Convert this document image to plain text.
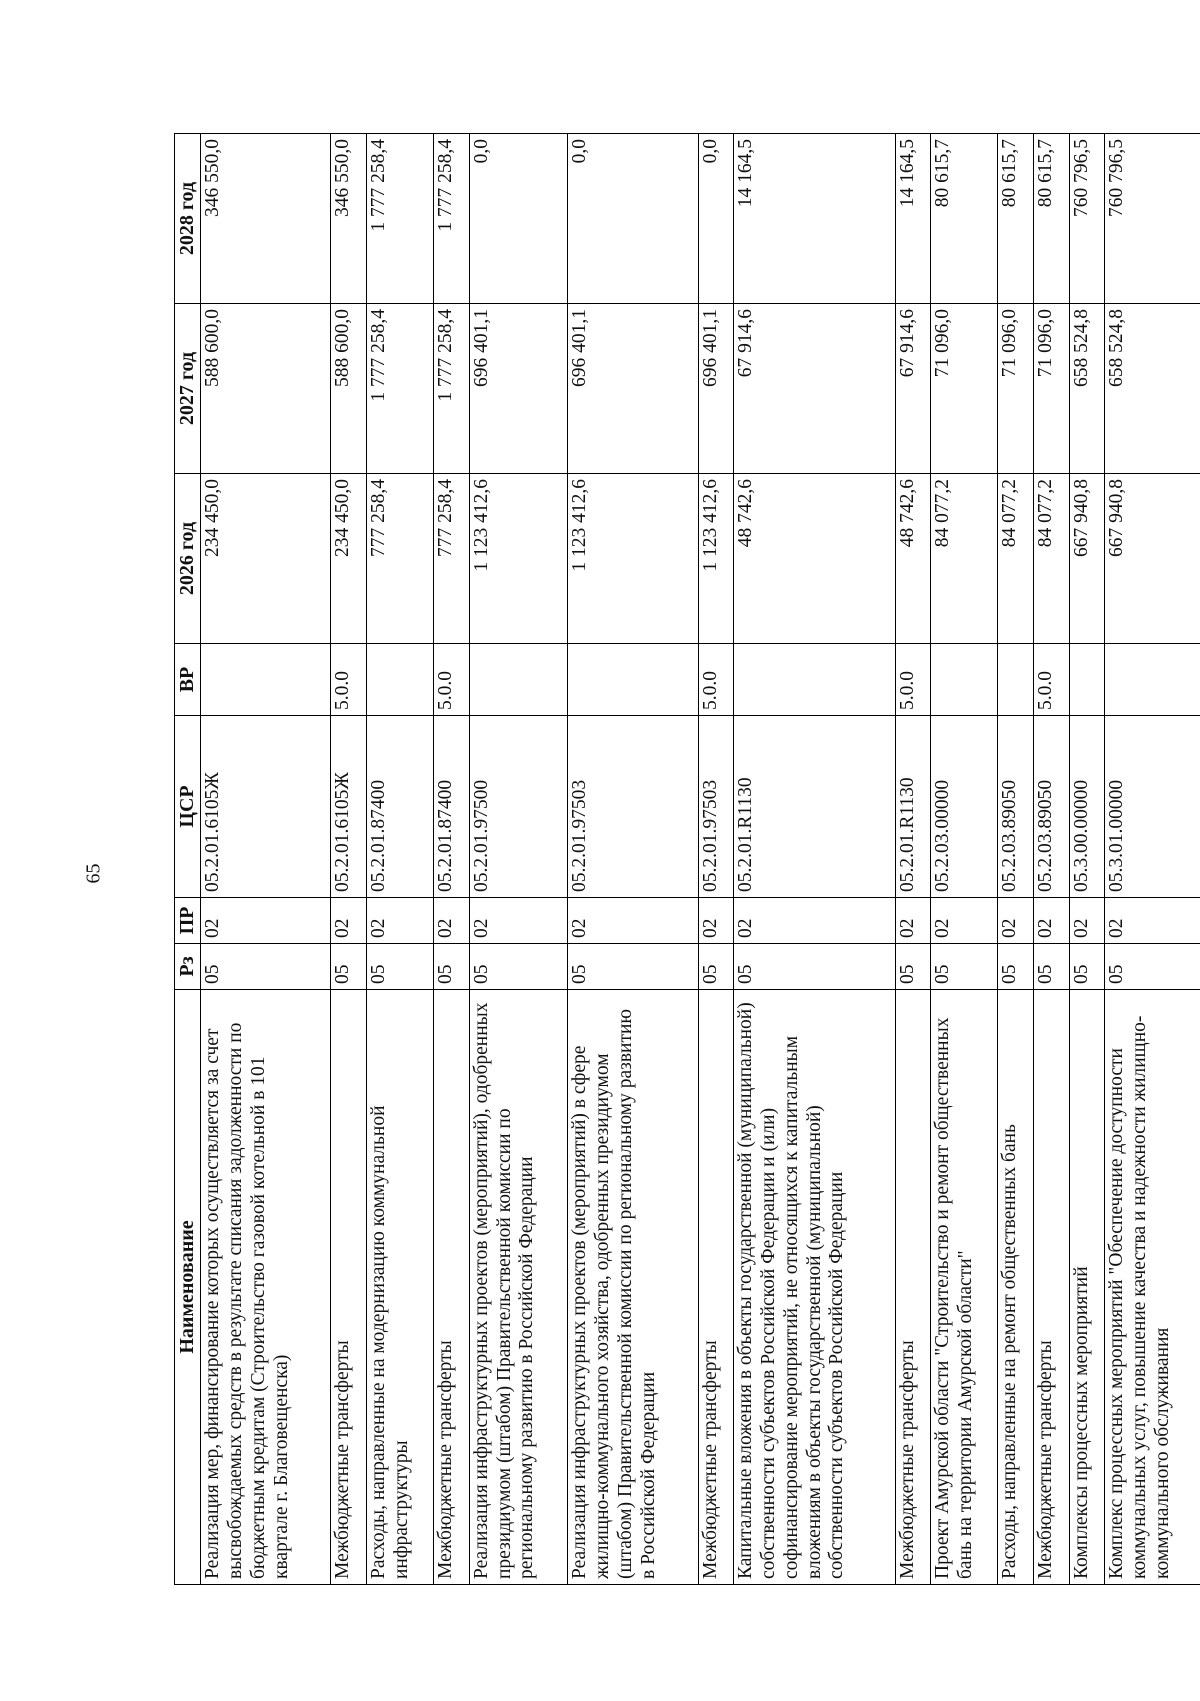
65
Наименование	Рз	ПР	ЦСР	ВР	2026 год	2027 год	2028 год
Реализация мер, финансирование которых осуществляется за счет высвобождаемых средств в результате списания задолженности по бюджетным кредитам (Строительство газовой котельной в 101 квартале г. Благовещенска)	05	02	05.2.01.6105Ж		234 450,0	588 600,0	346 550,0
Межбюджетные трансферты	05	02	05.2.01.6105Ж	5.0.0	234 450,0	588 600,0	346 550,0
Расходы, направленные на модернизацию коммунальной инфраструктуры	05	02	05.2.01.87400		777 258,4	1 777 258,4	1 777 258,4
Межбюджетные трансферты	05	02	05.2.01.87400	5.0.0	777 258,4	1 777 258,4	1 777 258,4
Реализация инфраструктурных проектов (мероприятий), одобренных президиумом (штабом) Правительственной комиссии по региональному развитию в Российской Федерации	05	02	05.2.01.97500		1 123 412,6	696 401,1	0,0
Реализация инфраструктурных проектов (мероприятий) в сфере жилищно-коммунального хозяйства, одобренных президиумом (штабом) Правительственной комиссии по региональному развитию в Российской Федерации	05	02	05.2.01.97503		1 123 412,6	696 401,1	0,0
Межбюджетные трансферты	05	02	05.2.01.97503	5.0.0	1 123 412,6	696 401,1	0,0
Капитальные вложения в объекты государственной (муниципальной) собственности субъектов Российской Федерации и (или) софинансирование мероприятий, не относящихся к капитальным вложениям в объекты государственной (муниципальной) собственности субъектов Российской Федерации	05	02	05.2.01.R1130		48 742,6	67 914,6	14 164,5
Межбюджетные трансферты	05	02	05.2.01.R1130	5.0.0	48 742,6	67 914,6	14 164,5
Проект Амурской области "Строительство и ремонт общественных бань на территории Амурской области"	05	02	05.2.03.00000		84 077,2	71 096,0	80 615,7
Расходы, направленные на ремонт общественных бань	05	02	05.2.03.89050		84 077,2	71 096,0	80 615,7
Межбюджетные трансферты	05	02	05.2.03.89050	5.0.0	84 077,2	71 096,0	80 615,7
Комплексы процессных мероприятий	05	02	05.3.00.00000		667 940,8	658 524,8	760 796,5
Комплекс процессных мероприятий "Обеспечение доступности коммунальных услуг, повышение качества и надежности жилищно-коммунального обслуживания	05	02	05.3.01.00000		667 940,8	658 524,8	760 796,5
